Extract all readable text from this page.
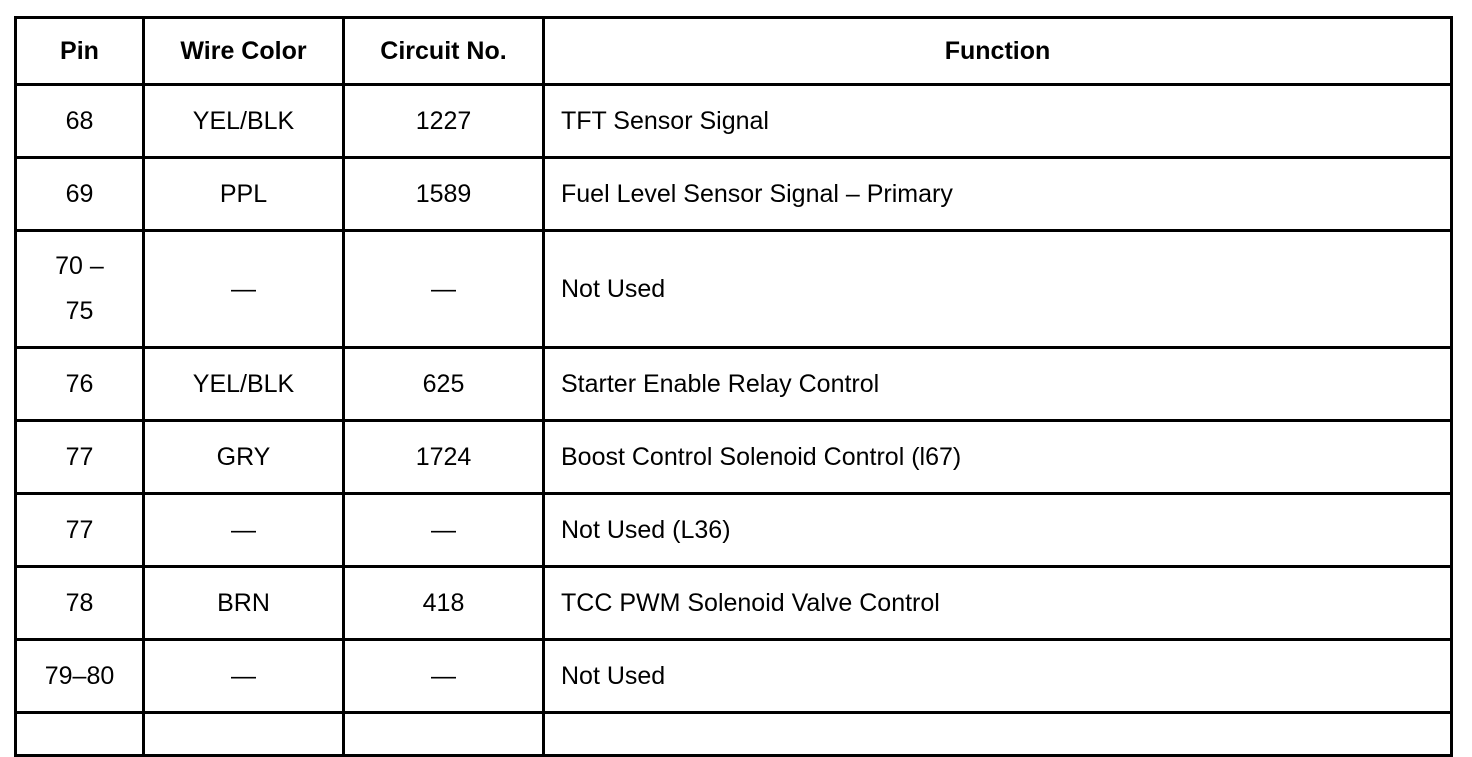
Pin	Wire Color	Circuit No.	Function
68	YEL/BLK	1227	TFT Sensor Signal
69	PPL	1589	Fuel Level Sensor Signal – Primary
70 – 75	—	—	Not Used
76	YEL/BLK	625	Starter Enable Relay Control
77	GRY	1724	Boost Control Solenoid Control (l67)
77	—	—	Not Used (L36)
78	BRN	418	TCC PWM Solenoid Valve Control
79–80	—	—	Not Used
